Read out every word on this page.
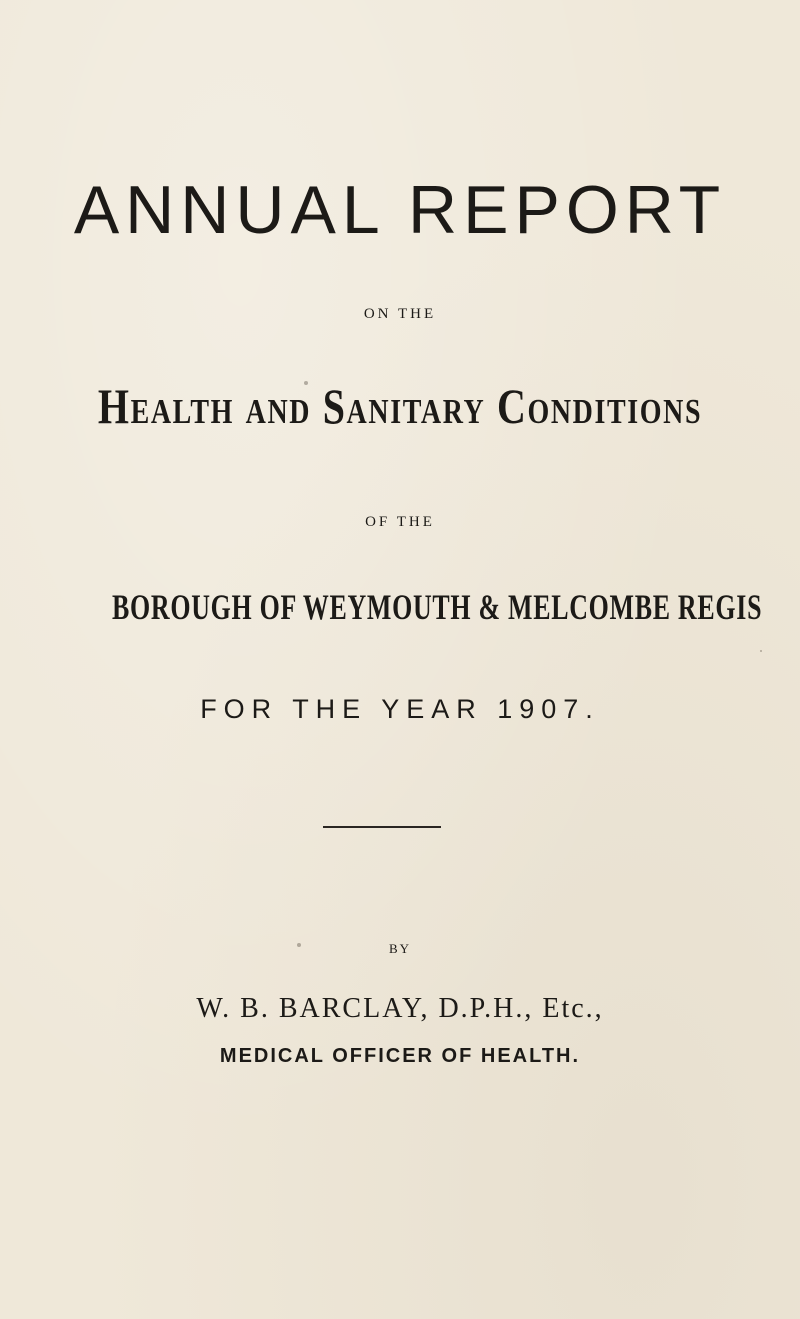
ANNUAL REPORT
ON THE
Health and Sanitary Conditions
OF THE
BOROUGH OF WEYMOUTH & MELCOMBE REGIS
FOR THE YEAR 1907.
BY
W. B. BARCLAY, D.P.H., Etc.,
MEDICAL OFFICER OF HEALTH.
